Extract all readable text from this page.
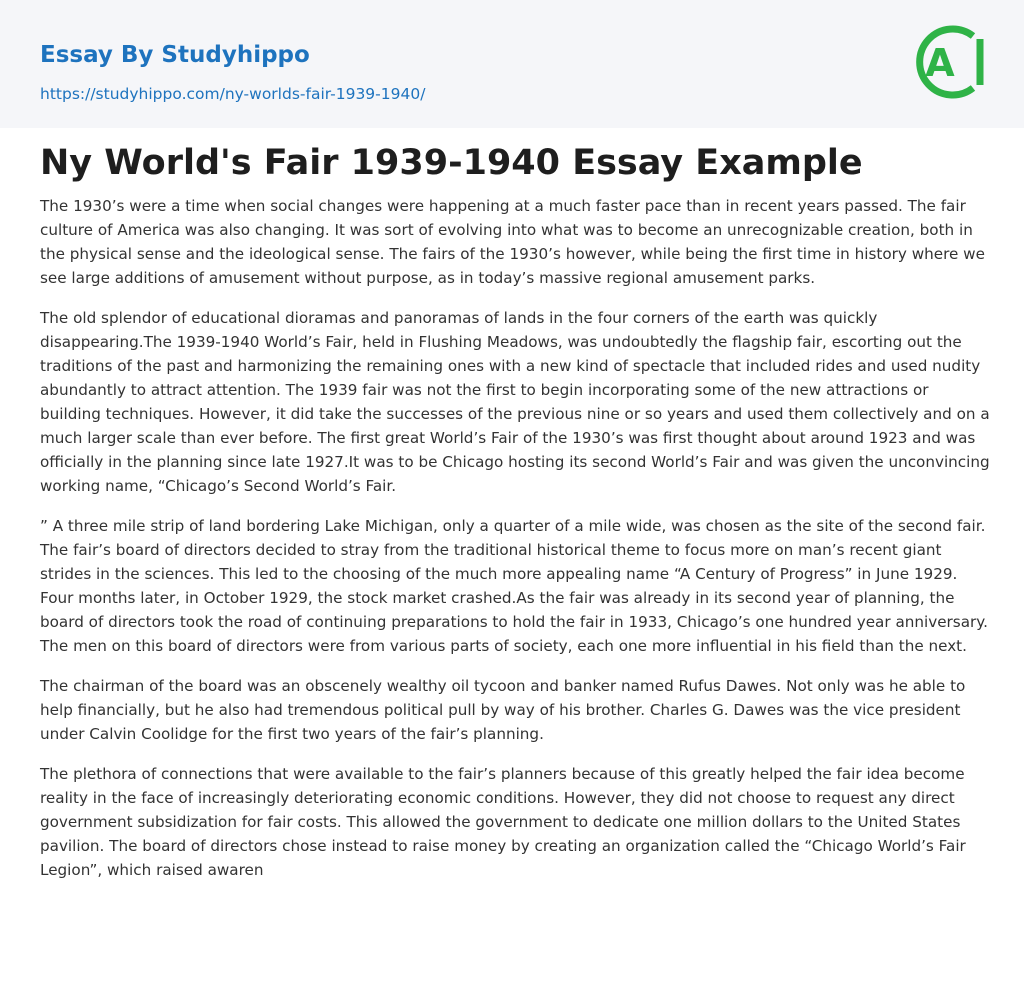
Essay By Studyhippo
https://studyhippo.com/ny-worlds-fair-1939-1940/
A
Ny World's Fair 1939-1940 Essay Example

The 1930’s were a time when social changes were happening at a much faster pace than in recent years passed. The fair culture of America was also changing. It was sort of evolving into what was to become an unrecognizable creation, both in the physical sense and the ideological sense. The fairs of the 1930’s however, while being the first time in history where we see large additions of amusement without purpose, as in today’s massive regional amusement parks.

The old splendor of educational dioramas and panoramas of lands in the four corners of the earth was quickly disappearing.The 1939-1940 World’s Fair, held in Flushing Meadows, was undoubtedly the flagship fair, escorting out the traditions of the past and harmonizing the remaining ones with a new kind of spectacle that included rides and used nudity abundantly to attract attention. The 1939 fair was not the first to begin incorporating some of the new attractions or building techniques. However, it did take the successes of the previous nine or so years and used them collectively and on a much larger scale than ever before. The first great World’s Fair of the 1930’s was first thought about around 1923 and was officially in the planning since late 1927.It was to be Chicago hosting its second World’s Fair and was given the unconvincing working name, “Chicago’s Second World’s Fair.

” A three mile strip of land bordering Lake Michigan, only a quarter of a mile wide, was chosen as the site of the second fair. The fair’s board of directors decided to stray from the traditional historical theme to focus more on man’s recent giant strides in the sciences. This led to the choosing of the much more appealing name “A Century of Progress” in June 1929. Four months later, in October 1929, the stock market crashed.As the fair was already in its second year of planning, the board of directors took the road of continuing preparations to hold the fair in 1933, Chicago’s one hundred year anniversary. The men on this board of directors were from various parts of society, each one more influential in his field than the next.

The chairman of the board was an obscenely wealthy oil tycoon and banker named Rufus Dawes. Not only was he able to help financially, but he also had tremendous political pull by way of his brother. Charles G. Dawes was the vice president under Calvin Coolidge for the first two years of the fair’s planning.

The plethora of connections that were available to the fair’s planners because of this greatly helped the fair idea become reality in the face of increasingly deteriorating economic conditions. However, they did not choose to request any direct government subsidization for fair costs. This allowed the government to dedicate one million dollars to the United States pavilion. The board of directors chose instead to raise money by creating an organization called the “Chicago World’s Fair Legion”, which raised awaren
